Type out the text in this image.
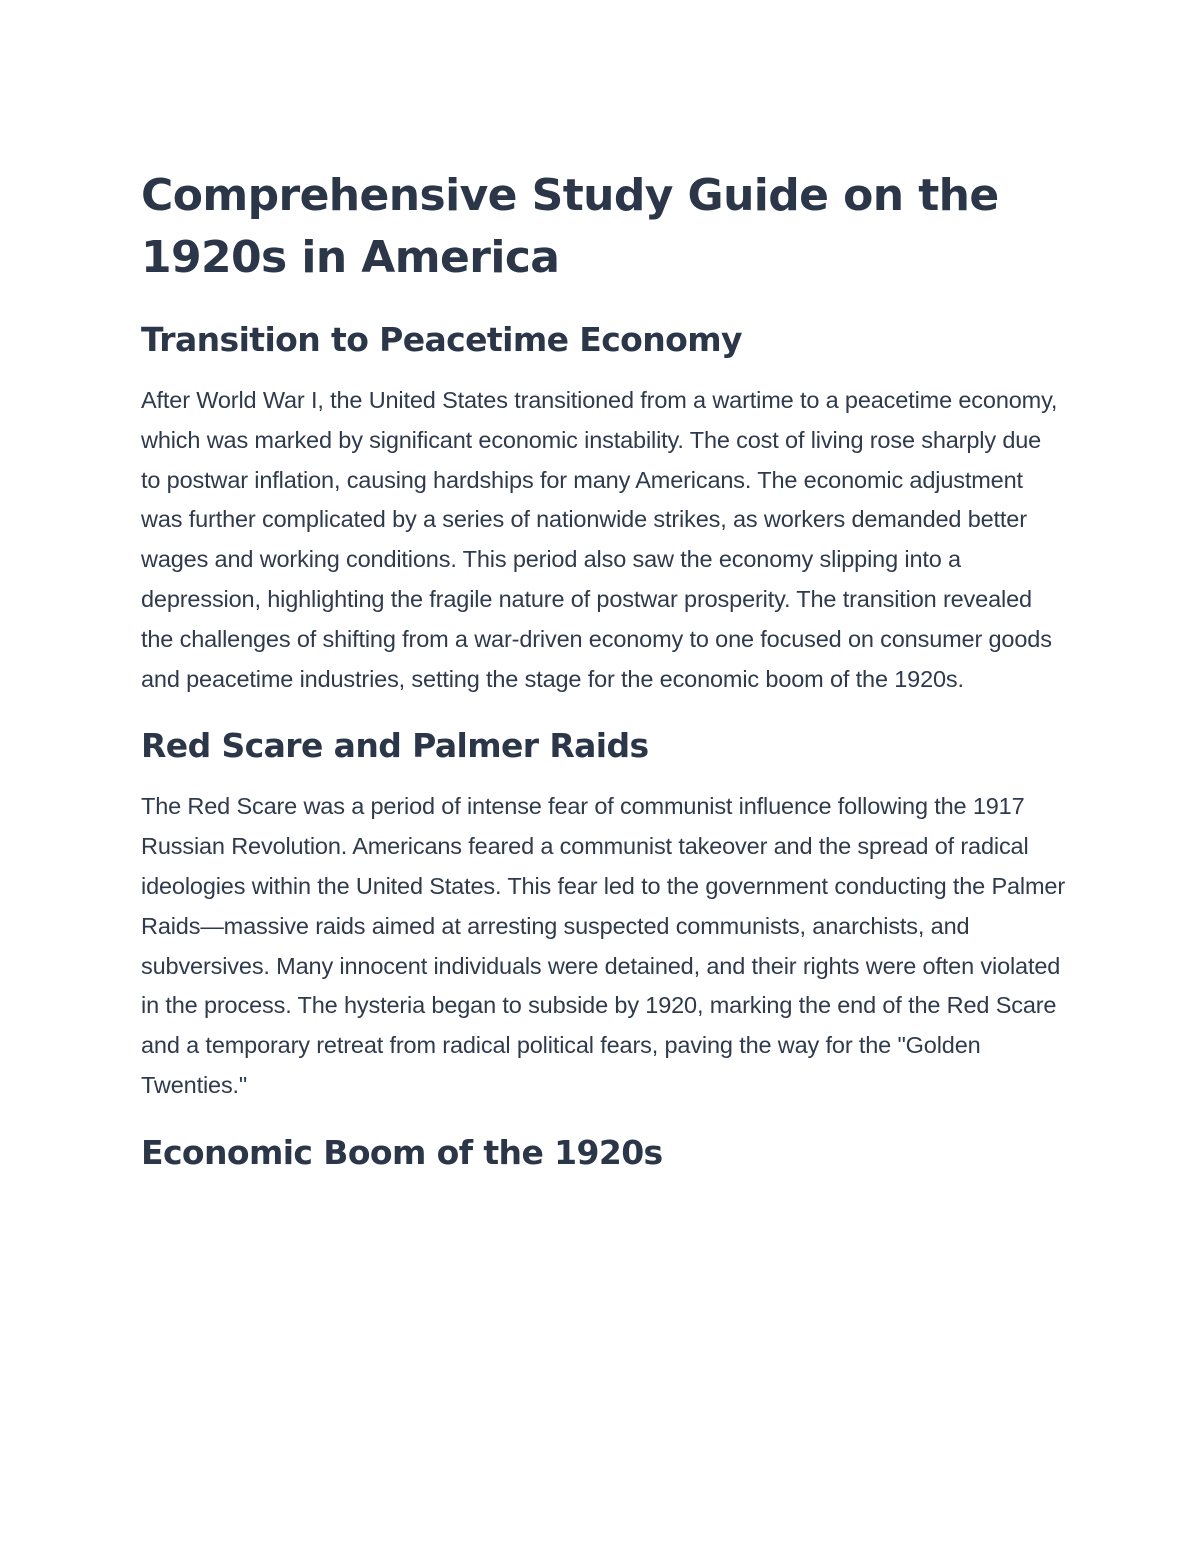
Comprehensive Study Guide on the 1920s in America
Transition to Peacetime Economy

After World War I, the United States transitioned from a wartime to a peacetime economy, which was marked by significant economic instability. The cost of living rose sharply due to postwar inflation, causing hardships for many Americans. The economic adjustment was further complicated by a series of nationwide strikes, as workers demanded better wages and working conditions. This period also saw the economy slipping into a depression, highlighting the fragile nature of postwar prosperity. The transition revealed the challenges of shifting from a war-driven economy to one focused on consumer goods and peacetime industries, setting the stage for the economic boom of the 1920s.

Red Scare and Palmer Raids

The Red Scare was a period of intense fear of communist influence following the 1917 Russian Revolution. Americans feared a communist takeover and the spread of radical ideologies within the United States. This fear led to the government conducting the Palmer Raids—massive raids aimed at arresting suspected communists, anarchists, and subversives. Many innocent individuals were detained, and their rights were often violated in the process. The hysteria began to subside by 1920, marking the end of the Red Scare and a temporary retreat from radical political fears, paving the way for the "Golden Twenties."

Economic Boom of the 1920s
